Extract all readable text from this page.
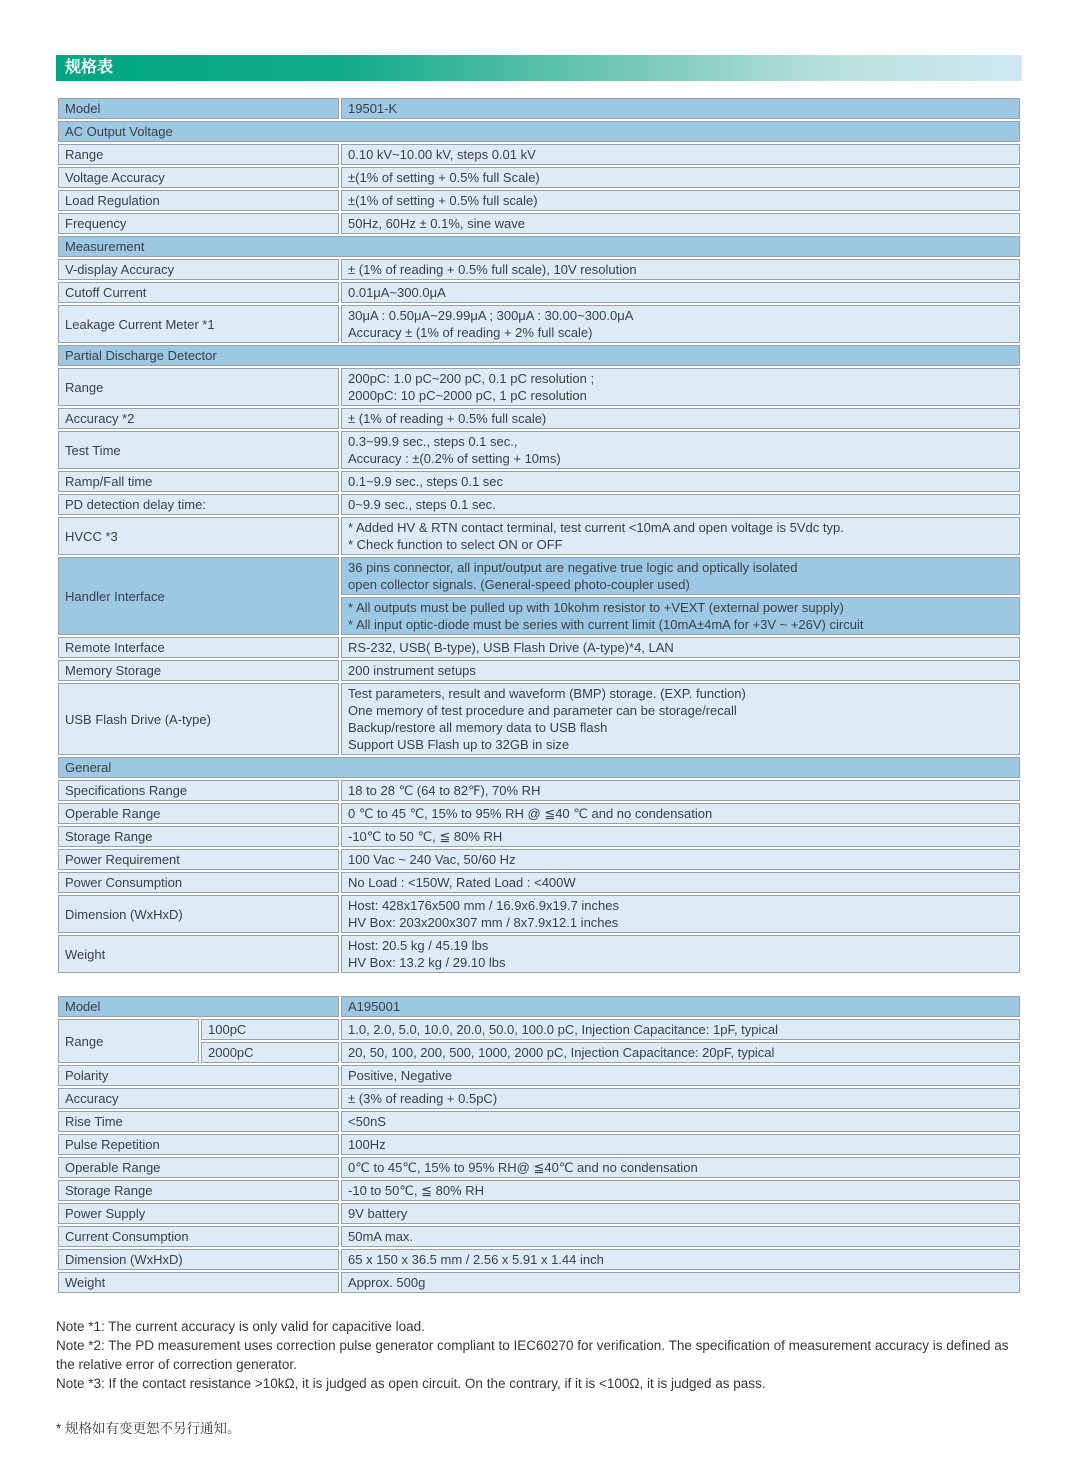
规格表
Model	19501-K

AC Output Voltage	
Range	0.10 kV~10.00 kV, steps 0.01 kV

Voltage Accuracy	±(1% of setting + 0.5% full Scale)

Load Regulation	±(1% of setting + 0.5% full scale)

Frequency	50Hz, 60Hz ± 0.1%, sine wave

Measurement	
V-display Accuracy	± (1% of reading + 0.5% full scale), 10V resolution

Cutoff Current	0.01μA~300.0μA

Leakage Current Meter *1	30μA : 0.50μA~29.99μA ; 300μA : 30.00~300.0μA
Accuracy ± (1% of reading + 2% full scale)

Partial Discharge Detector	
Range	200pC: 1.0 pC~200 pC, 0.1 pC resolution ;
2000pC: 10 pC~2000 pC, 1 pC resolution

Accuracy *2	± (1% of reading + 0.5% full scale)

Test Time	0.3~99.9 sec., steps 0.1 sec.,
Accuracy : ±(0.2% of setting + 10ms)

Ramp/Fall time	0.1~9.9 sec., steps 0.1 sec

PD detection delay time:	0~9.9 sec., steps 0.1 sec.

HVCC *3	* Added HV & RTN contact terminal, test current <10mA and open voltage is 5Vdc typ.
* Check function to select ON or OFF

Handler Interface	36 pins connector, all input/output are negative true logic and optically isolated
open collector signals. (General-speed photo-coupler used)

	* All outputs must be pulled up with 10kohm resistor to +VEXT (external power supply)
* All input optic-diode must be series with current limit (10mA±4mA for +3V ~ +26V) circuit

Remote Interface	RS-232, USB( B-type), USB Flash Drive (A-type)*4, LAN

Memory Storage	200 instrument setups

USB Flash Drive (A-type)	Test parameters, result and waveform (BMP) storage. (EXP. function)
One memory of test procedure and parameter can be storage/recall
Backup/restore all memory data to USB flash
Support USB Flash up to 32GB in size

General	
Specifications Range	18 to 28 ℃ (64 to 82℉), 70% RH

Operable Range	0 ℃ to 45 ℃, 15% to 95% RH @ ≦40 ℃ and no condensation

Storage Range	-10℃ to 50 ℃, ≦ 80% RH

Power Requirement	100 Vac ~ 240 Vac, 50/60 Hz

Power Consumption	No Load : <150W, Rated Load : <400W

Dimension (WxHxD)	Host: 428x176x500 mm / 16.9x6.9x19.7 inches
HV Box: 203x200x307 mm / 8x7.9x12.1 inches

Weight	Host: 20.5 kg / 45.19 lbs
HV Box: 13.2 kg / 29.10 lbs
Model		A195001

Range	100pC	1.0, 2.0, 5.0, 10.0, 20.0, 50.0, 100.0 pC, Injection Capacitance: 1pF, typical

	2000pC	20, 50, 100, 200, 500, 1000, 2000 pC, Injection Capacitance: 20pF, typical

Polarity		Positive, Negative

Accuracy		± (3% of reading + 0.5pC)

Rise Time		<50nS

Pulse Repetition		100Hz

Operable Range		0℃ to 45℃, 15% to 95% RH@ ≦40℃ and no condensation

Storage Range		-10 to 50℃, ≦ 80% RH

Power Supply		9V battery

Current Consumption		50mA max.

Dimension (WxHxD)		65 x 150 x 36.5 mm / 2.56 x 5.91 x 1.44 inch

Weight		Approx. 500g

Note *1: The current accuracy is only valid for capacitive load.

Note *2: The PD measurement uses correction pulse generator compliant to IEC60270 for verification. The specification of measurement accuracy is defined as the relative error of correction generator.

Note *3: If the contact resistance >10kΩ, it is judged as open circuit. On the contrary, if it is <100Ω, it is judged as pass.

* 规格如有变更恕不另行通知。
